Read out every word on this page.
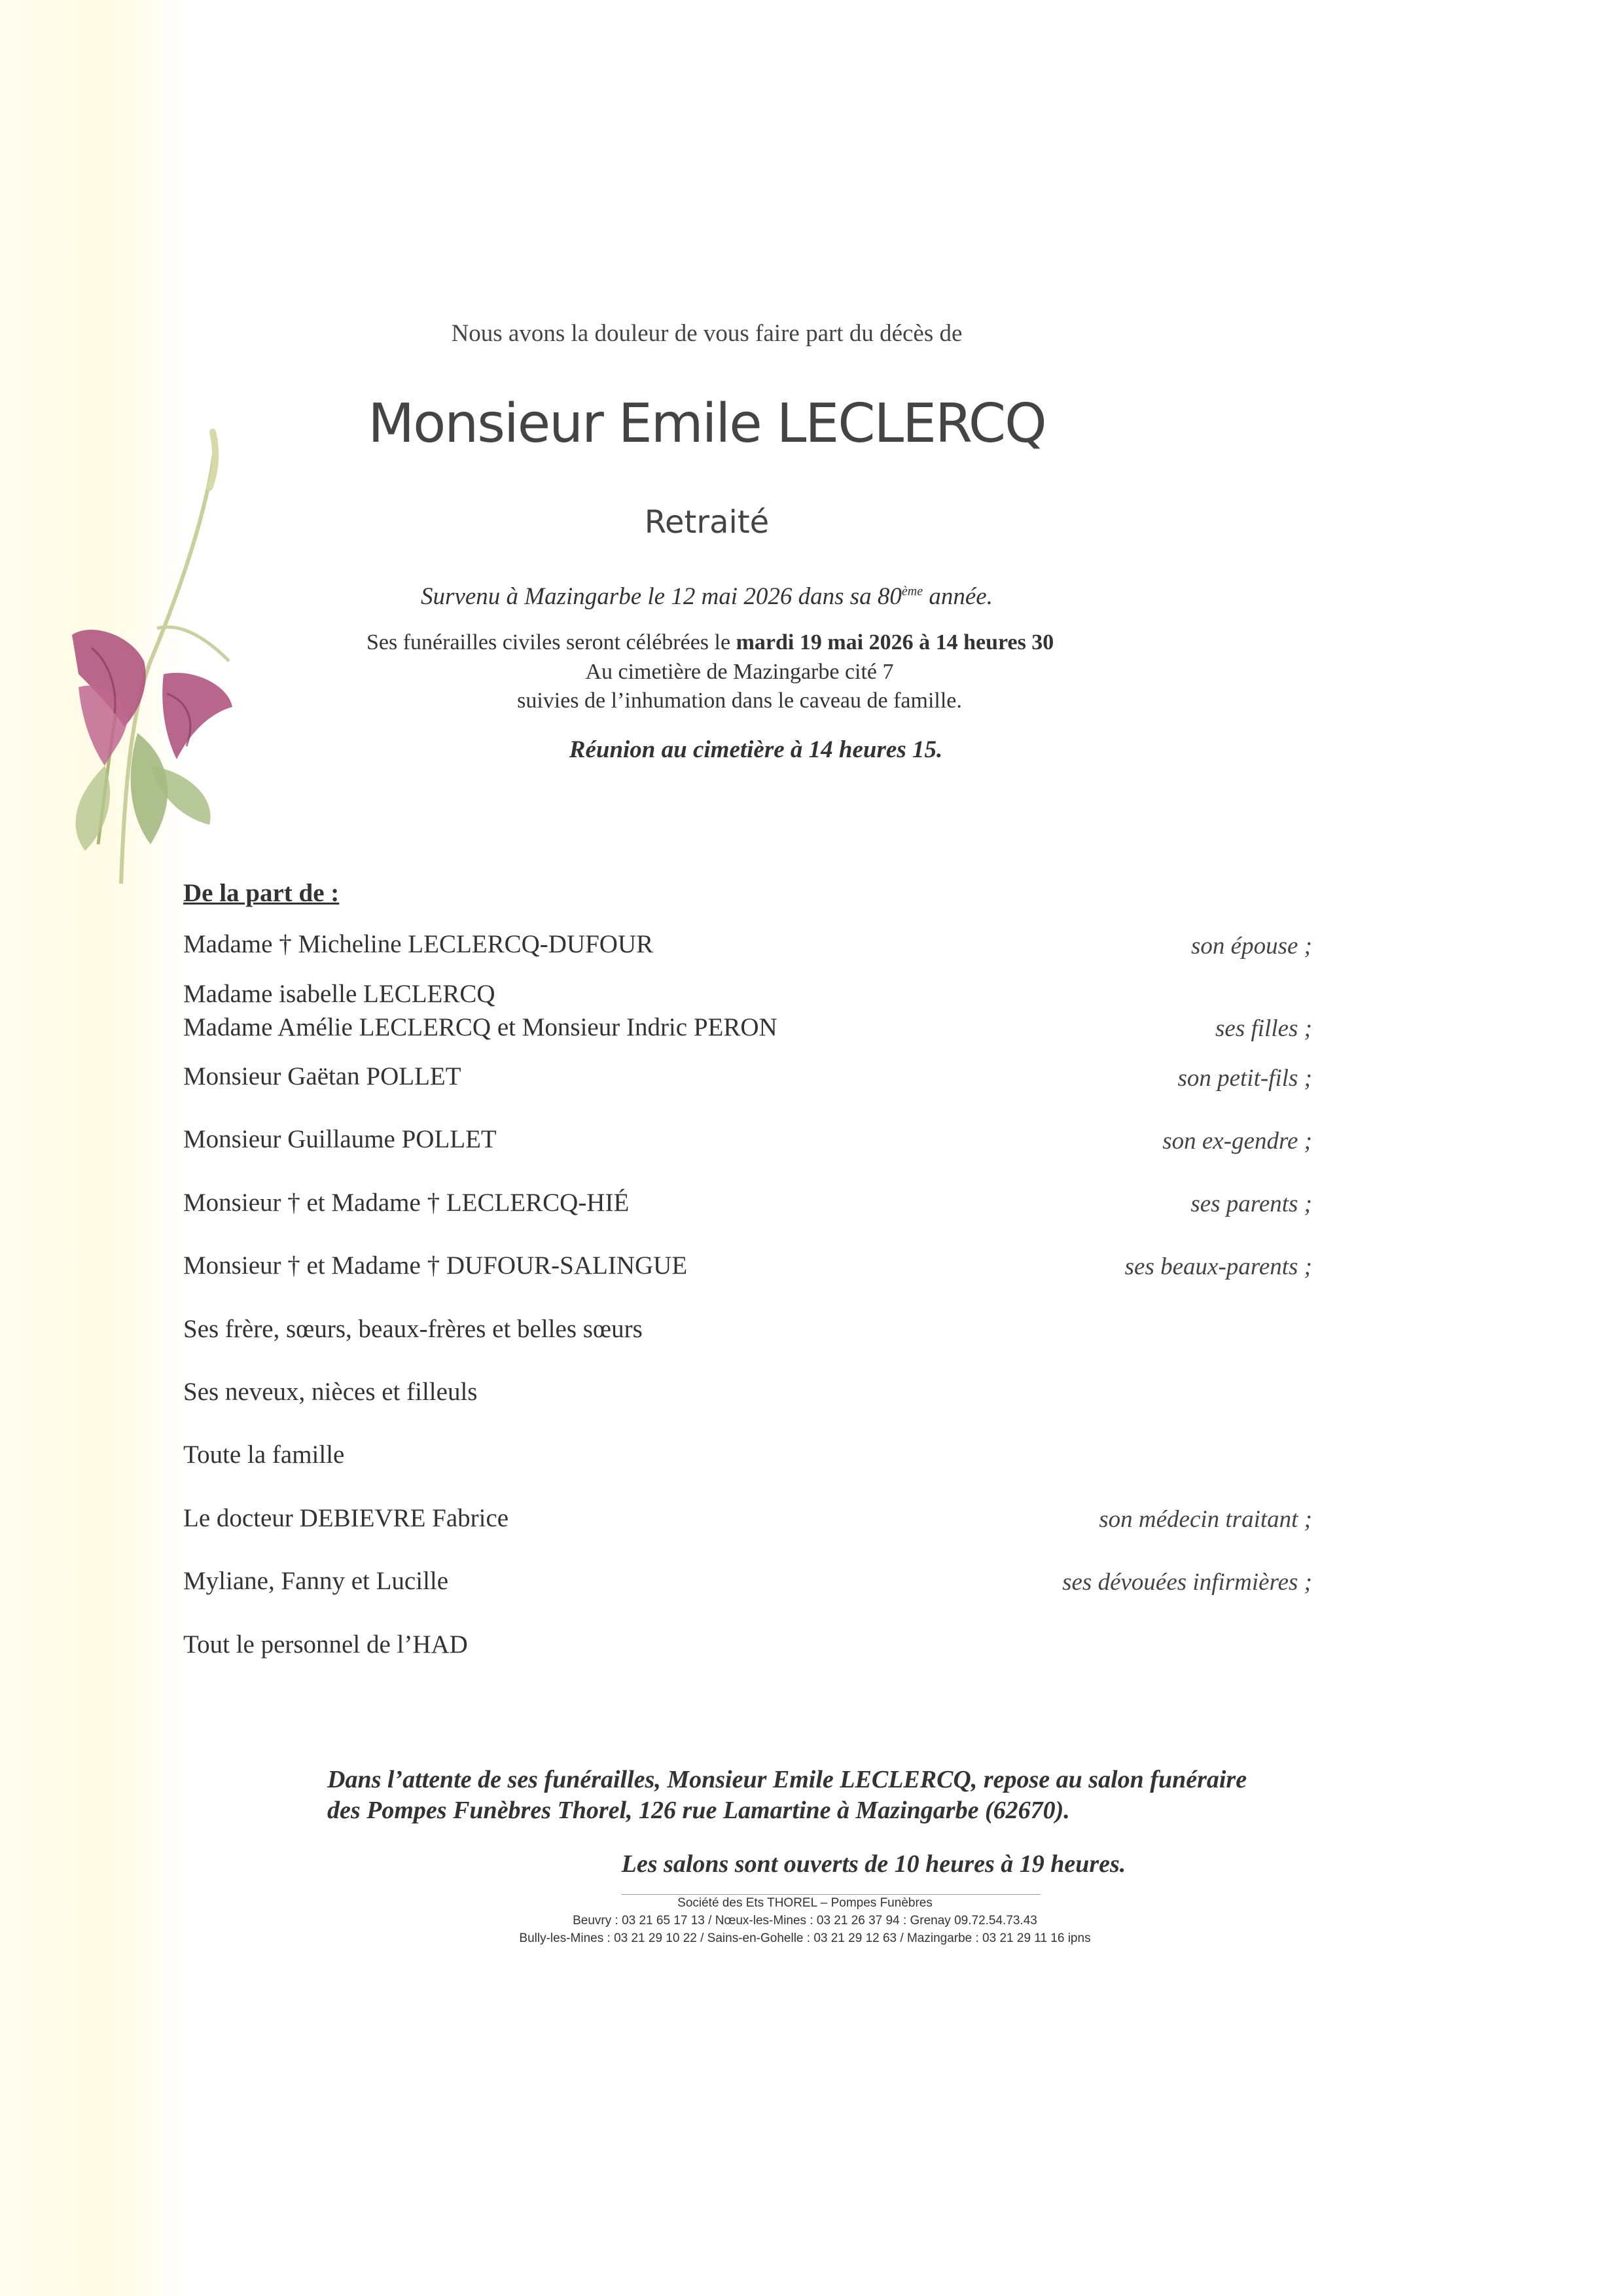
Nous avons la douleur de vous faire part du décès de
Monsieur Emile LECLERCQ
Retraité
Survenu à Mazingarbe le 12 mai 2026 dans sa 80ème année.
Ses funérailles civiles seront célébrées le mardi 19 mai 2026 à 14 heures 30
Au cimetière de Mazingarbe cité 7
suivies de l’inhumation dans le caveau de famille.
Réunion au cimetière à 14 heures 15.
De la part de :
Madame † Micheline LECLERCQ-DUFOUR	son épouse ;
Madame isabelle LECLERCQ
Madame Amélie LECLERCQ et Monsieur Indric PERON	ses filles ;
Monsieur Gaëtan POLLET	son petit-fils ;
Monsieur Guillaume POLLET	son ex-gendre ;
Monsieur † et Madame † LECLERCQ-HIÉ	ses parents ;
Monsieur † et Madame † DUFOUR-SALINGUE	ses beaux-parents ;
Ses frère, sœurs, beaux-frères et belles sœurs
Ses neveux, nièces et filleuls
Toute la famille
Le docteur DEBIEVRE Fabrice	son médecin traitant ;
Myliane, Fanny et Lucille	ses dévouées infirmières ;
Tout le personnel de l’HAD
Dans l’attente de ses funérailles, Monsieur Emile LECLERCQ, repose au salon funéraire
des Pompes Funèbres Thorel, 126 rue Lamartine à Mazingarbe (62670).
Les salons sont ouverts de 10 heures à 19 heures.
Société des Ets THOREL – Pompes Funèbres
Beuvry : 03 21 65 17 13 / Nœux-les-Mines : 03 21 26 37 94 : Grenay 09.72.54.73.43
Bully-les-Mines : 03 21 29 10 22 / Sains-en-Gohelle : 03 21 29 12 63 / Mazingarbe : 03 21 29 11 16 ipns
